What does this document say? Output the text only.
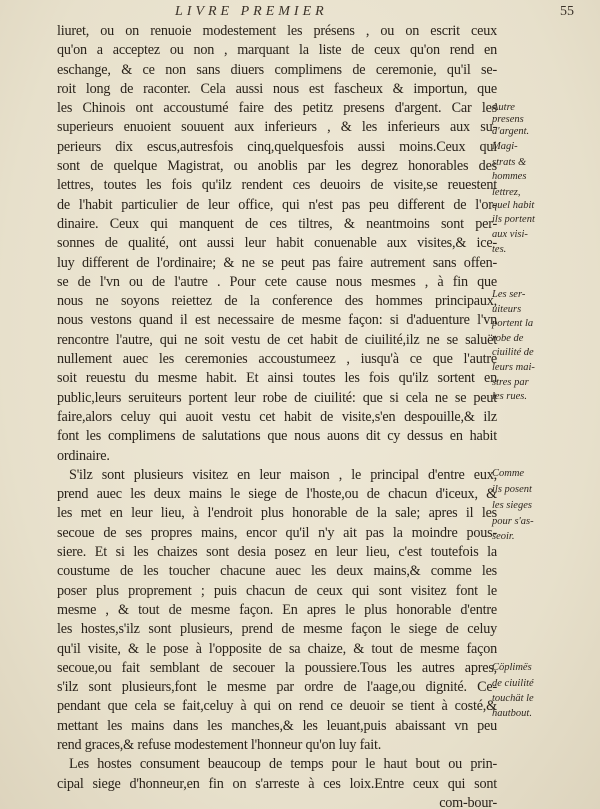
LIVRE PREMIER	55
liuret, ou on renuoie modestement les présens , ou on escrit ceux
qu'on a acceptez ou non , marquant la liste de ceux qu'on rend en
eschange, & ce non sans diuers complimens de ceremonie, qu'il se-
roit long de raconter. Cela aussi nous est fascheux & importun, que
les Chinois ont accoustumé faire des petitz presens d'argent. Car les
superieurs enuoient souuent aux inferieurs , & les inferieurs aux su-
perieurs dix escus,autresfois cinq,quelquesfois aussi moins.Ceux qui
sont de quelque Magistrat, ou anoblis par les degrez honorables des
lettres, toutes les fois qu'ilz rendent ces deuoirs de visite,se reuestent
de l'habit particulier de leur office, qui n'est pas peu different de l'or-
dinaire. Ceux qui manquent de ces tiltres, & neantmoins sont per-
sonnes de qualité, ont aussi leur habit conuenable aux visites,& ice-
luy different de l'ordinaire; & ne se peut pas faire autrement sans offen-
se de l'vn ou de l'autre . Pour cete cause nous mesmes , à fin que
nous ne soyons reiettez de la conference des hommes principaux,
nous vestons quand il est necessaire de mesme façon: si d'aduenture l'vn
rencontre l'autre, qui ne soit vestu de cet habit de ciuilité,ilz ne se saluët
nullement auec les ceremonies accoustumeez , iusqu'à ce que l'autre
soit reuestu du mesme habit. Et ainsi toutes les fois qu'ilz sortent en
public,leurs seruiteurs portent leur robe de ciuilité: que si cela ne se peut
faire,alors celuy qui auoit vestu cet habit de visite,s'en despouille,& ilz
font les complimens de salutations que nous auons dit cy dessus en habit
ordinaire.
S'ilz sont plusieurs visitez en leur maison , le principal d'entre eux,
prend auec les deux mains le siege de l'hoste,ou de chacun d'iceux, &
les met en leur lieu, à l'endroit plus honorable de la sale; apres il les
secoue de ses propres mains, encor qu'il n'y ait pas la moindre pous-
siere. Et si les chaizes sont desia posez en leur lieu, c'est toutefois la
coustume de les toucher chacune auec les deux mains,& comme les
poser plus proprement ; puis chacun de ceux qui sont visitez font le
mesme , & tout de mesme façon. En apres le plus honorable d'entre
les hostes,s'ilz sont plusieurs, prend de mesme façon le siege de celuy
qu'il visite, & le pose à l'opposite de sa chaize, & tout de mesme façon
secoue,ou fait semblant de secouer la poussiere.Tous les autres apres,
s'ilz sont plusieurs,font le mesme par ordre de l'aage,ou dignité. Ce-
pendant que cela se fait,celuy à qui on rend ce deuoir se tient à costé,&
mettant les mains dans les manches,& les leuant,puis abaissant vn peu
rend graces,& refuse modestement l'honneur qu'on luy fait.
Les hostes consument beaucoup de temps pour le haut bout ou prin-
cipal siege d'honneur,en fin on s'arreste à ces loix.Entre ceux qui sont
com-bour-
Autre
presens
d'argent.
Magi-
strats &
hommes
lettrez,
quel habit
ils portent
aux visi-
tes.
Les ser-
uiteurs
portent la
robe de
ciuilité de
leurs mai-
stres par
les rues.
Comme
ils posent
les sieges
pour s'as-
seoir.
Cöplimës
de ciuilité
touchät le
hautbout.
